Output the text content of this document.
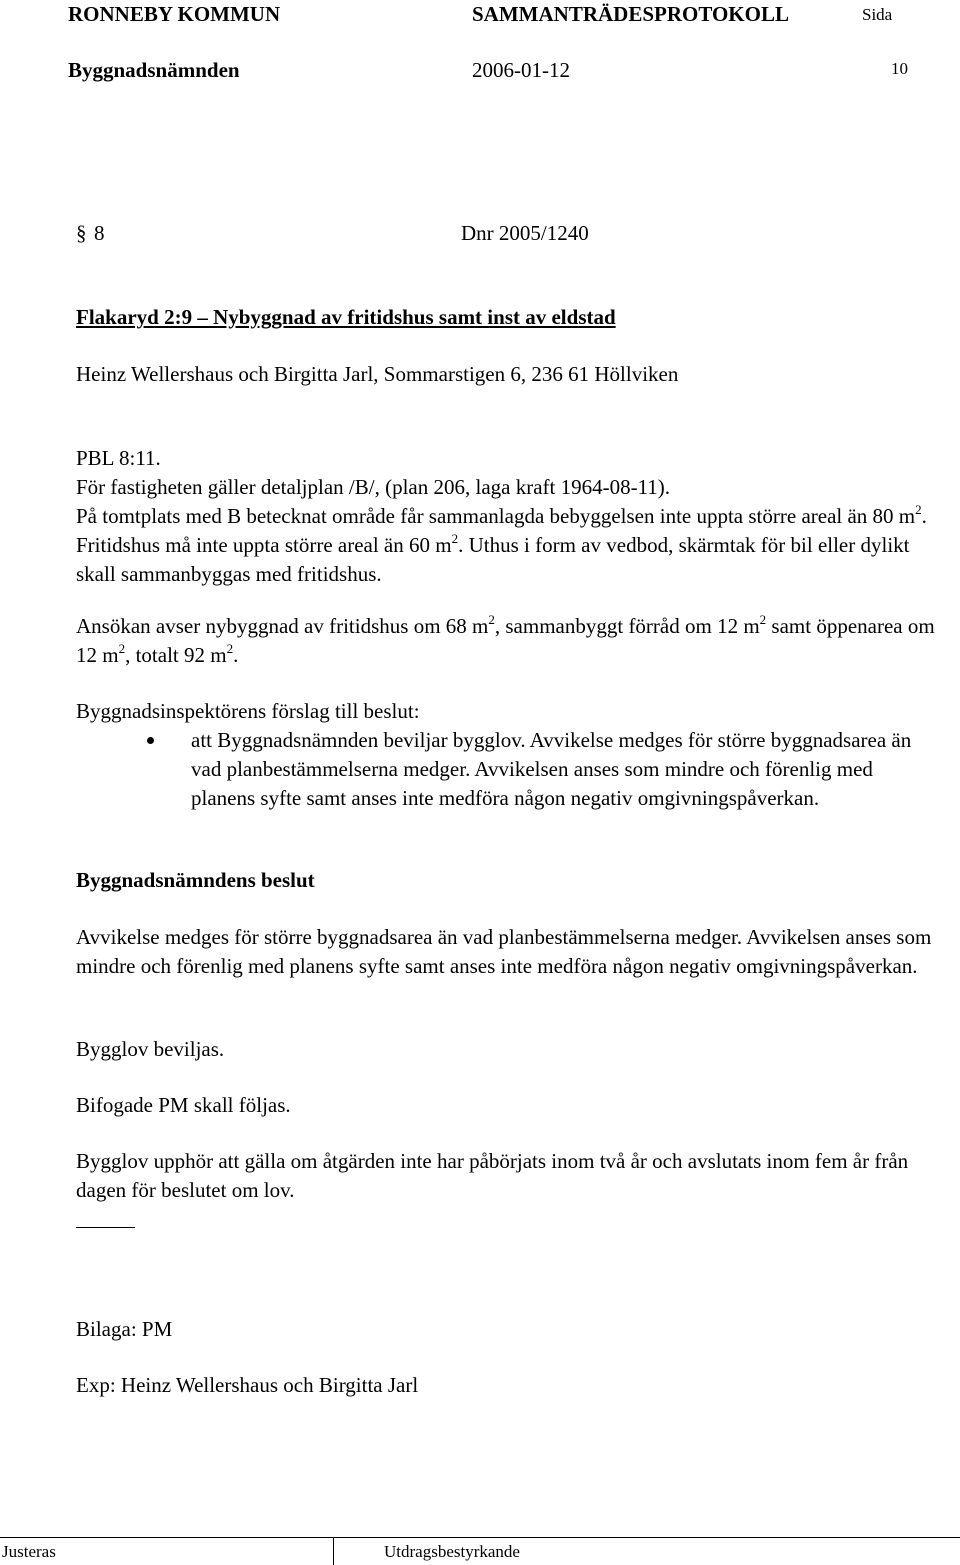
RONNEBY KOMMUN	SAMMANTRÄDESPROTOKOLL	Sida
Byggnadsnämnden	2006-01-12	10
§ 8	Dnr 2005/1240
Flakaryd 2:9 – Nybyggnad av fritidshus samt inst av eldstad
Heinz Wellershaus och Birgitta Jarl, Sommarstigen 6, 236 61 Höllviken

PBL 8:11.

För fastigheten gäller detaljplan /B/, (plan 206, laga kraft 1964-08-11).

På tomtplats med B betecknat område får sammanlagda bebyggelsen inte uppta större areal än 80 $m^2$. Fritidshus må inte uppta större areal än 60 $m^2$. Uthus i form av vedbod, skärmtak för bil eller dylikt skall sammanbyggas med fritidshus.

Ansökan avser nybyggnad av fritidshus om 68 $m^2$, sammanbyggt förråd om 12 $m^2$ samt öppenarea om 12 $m^2$, totalt 92 $m^2$.

Byggnadsinspektörens förslag till beslut:
att Byggnadsnämnden beviljar bygglov. Avvikelse medges för större byggnadsarea än vad planbestämmelserna medger. Avvikelsen anses som mindre och förenlig med planens syfte samt anses inte medföra någon negativ omgivningspåverkan.
Byggnadsnämndens beslut

Avvikelse medges för större byggnadsarea än vad planbestämmelserna medger. Avvikelsen anses som mindre och förenlig med planens syfte samt anses inte medföra någon negativ omgivningspåverkan.

Bygglov beviljas.
Bifogade PM skall följas.

Bygglov upphör att gälla om åtgärden inte har påbörjats inom två år och avslutats inom fem år från dagen för beslutet om lov.

Bilaga: PM
Exp: Heinz Wellershaus och Birgitta Jarl
Justeras	Utdragsbestyrkande
